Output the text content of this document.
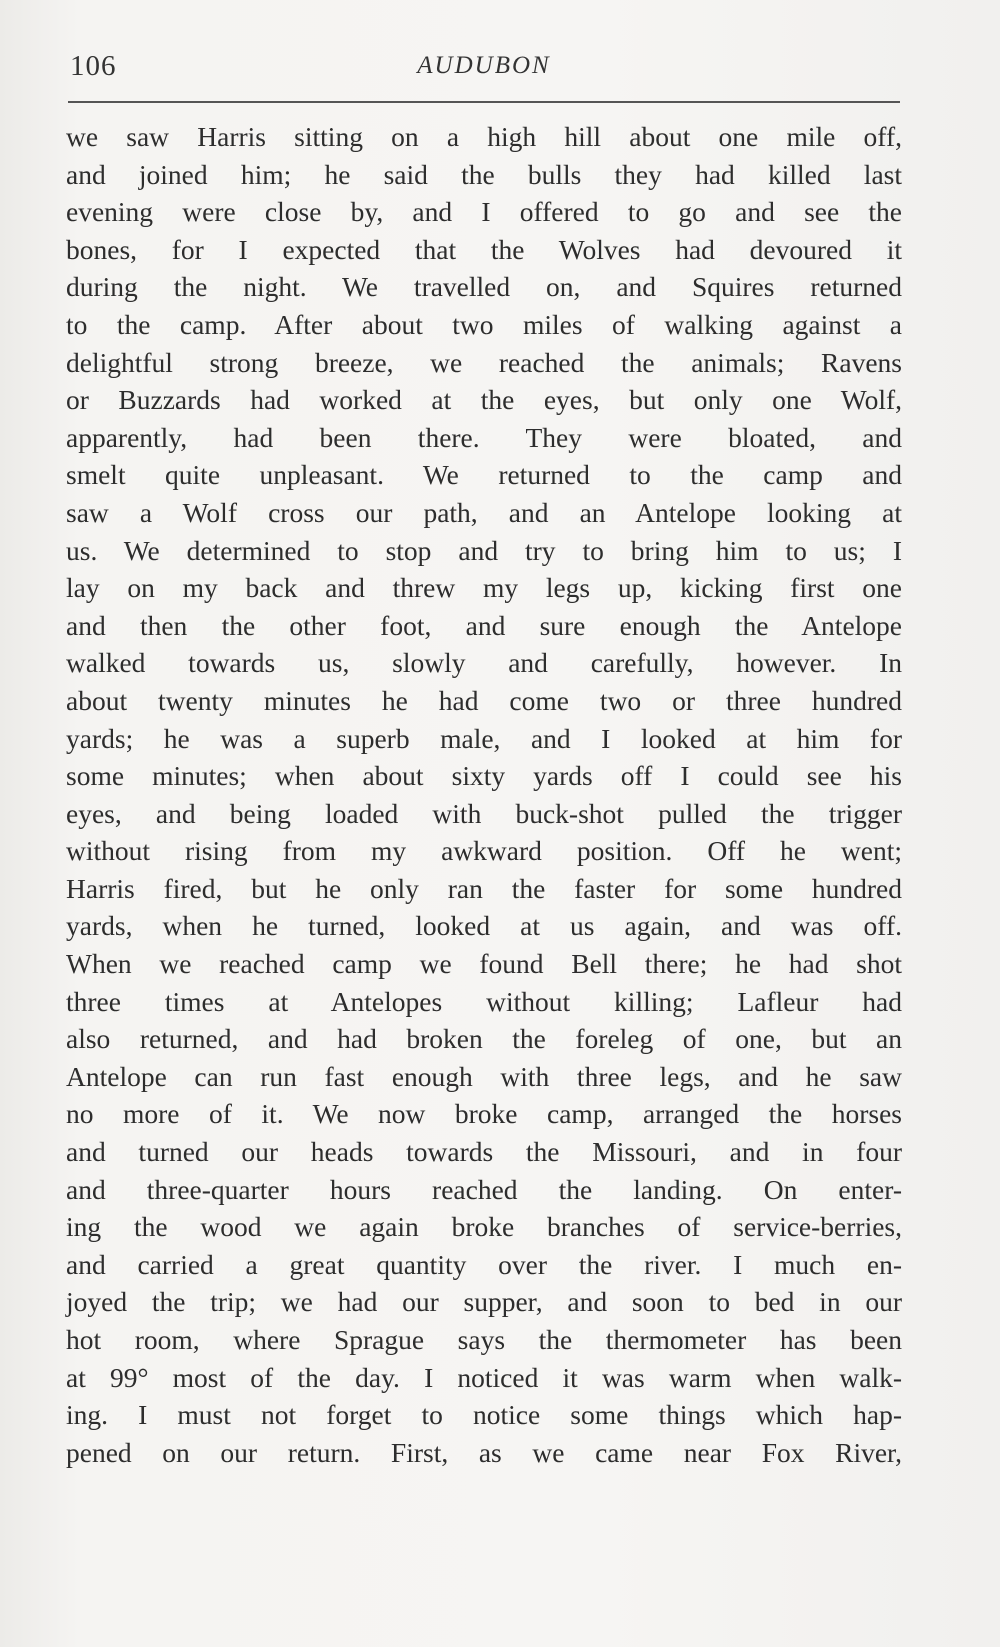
106	AUDUBON
we saw Harris sitting on a high hill about one mile off,
and joined him; he said the bulls they had killed last
evening were close by, and I offered to go and see the
bones, for I expected that the Wolves had devoured it
during the night. We travelled on, and Squires returned
to the camp. After about two miles of walking against a
delightful strong breeze, we reached the animals; Ravens
or Buzzards had worked at the eyes, but only one Wolf,
apparently, had been there. They were bloated, and
smelt quite unpleasant. We returned to the camp and
saw a Wolf cross our path, and an Antelope looking at
us. We determined to stop and try to bring him to us; I
lay on my back and threw my legs up, kicking first one
and then the other foot, and sure enough the Antelope
walked towards us, slowly and carefully, however. In
about twenty minutes he had come two or three hundred
yards; he was a superb male, and I looked at him for
some minutes; when about sixty yards off I could see his
eyes, and being loaded with buck-shot pulled the trigger
without rising from my awkward position. Off he went;
Harris fired, but he only ran the faster for some hundred
yards, when he turned, looked at us again, and was off.
When we reached camp we found Bell there; he had shot
three times at Antelopes without killing; Lafleur had
also returned, and had broken the foreleg of one, but an
Antelope can run fast enough with three legs, and he saw
no more of it. We now broke camp, arranged the horses
and turned our heads towards the Missouri, and in four
and three-quarter hours reached the landing. On enter-
ing the wood we again broke branches of service-berries,
and carried a great quantity over the river. I much en-
joyed the trip; we had our supper, and soon to bed in our
hot room, where Sprague says the thermometer has been
at 99° most of the day. I noticed it was warm when walk-
ing. I must not forget to notice some things which hap-
pened on our return. First, as we came near Fox River,
